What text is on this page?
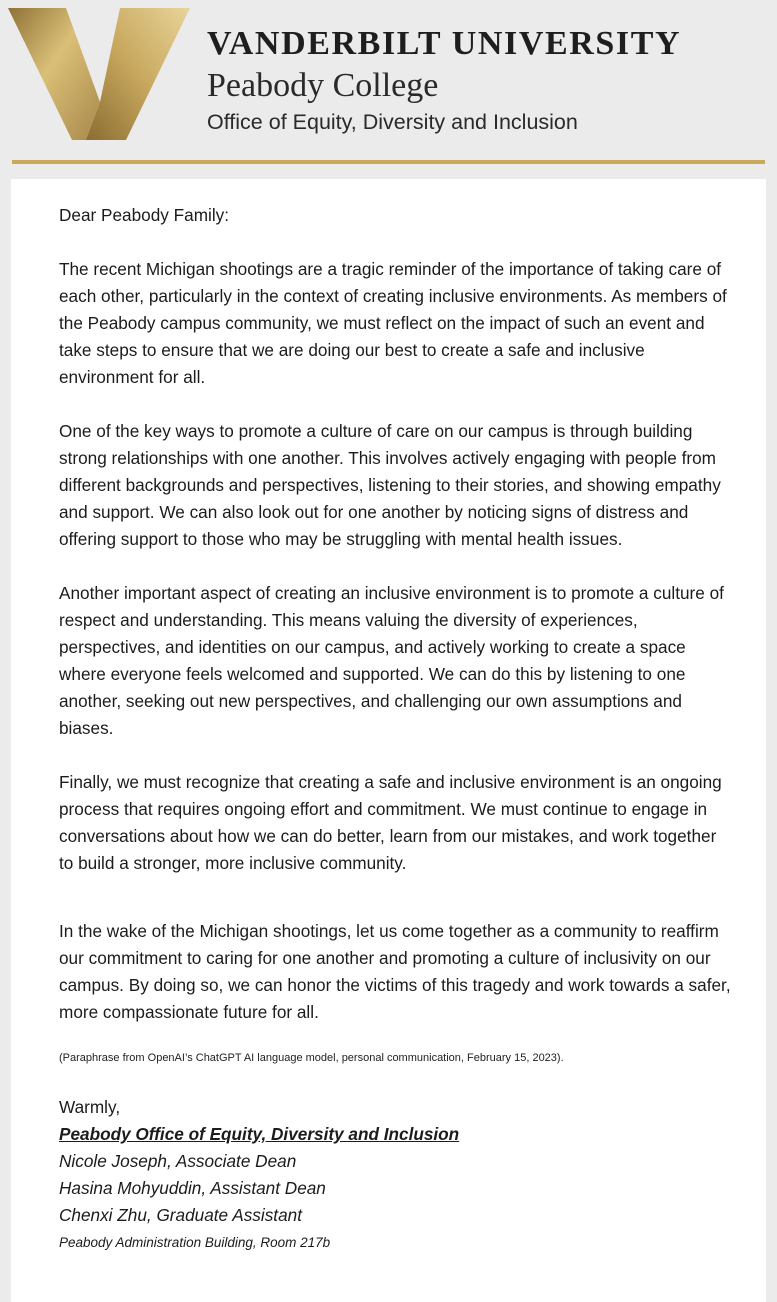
VANDERBILT UNIVERSITY
Peabody College
Office of Equity, Diversity and Inclusion

Dear Peabody Family:

The recent Michigan shootings are a tragic reminder of the importance of taking care of each other, particularly in the context of creating inclusive environments. As members of the Peabody campus community, we must reflect on the impact of such an event and take steps to ensure that we are doing our best to create a safe and inclusive environment for all.

One of the key ways to promote a culture of care on our campus is through building strong relationships with one another. This involves actively engaging with people from different backgrounds and perspectives, listening to their stories, and showing empathy and support. We can also look out for one another by noticing signs of distress and offering support to those who may be struggling with mental health issues.

Another important aspect of creating an inclusive environment is to promote a culture of respect and understanding. This means valuing the diversity of experiences, perspectives, and identities on our campus, and actively working to create a space where everyone feels welcomed and supported. We can do this by listening to one another, seeking out new perspectives, and challenging our own assumptions and biases.

Finally, we must recognize that creating a safe and inclusive environment is an ongoing process that requires ongoing effort and commitment. We must continue to engage in conversations about how we can do better, learn from our mistakes, and work together to build a stronger, more inclusive community.

In the wake of the Michigan shootings, let us come together as a community to reaffirm our commitment to caring for one another and promoting a culture of inclusivity on our campus. By doing so, we can honor the victims of this tragedy and work towards a safer, more compassionate future for all.

(Paraphrase from OpenAI’s ChatGPT AI language model, personal communication, February 15, 2023).

Warmly,

Peabody Office of Equity, Diversity and Inclusion

Nicole Joseph, Associate Dean

Hasina Mohyuddin, Assistant Dean

Chenxi Zhu, Graduate Assistant

Peabody Administration Building, Room 217b
